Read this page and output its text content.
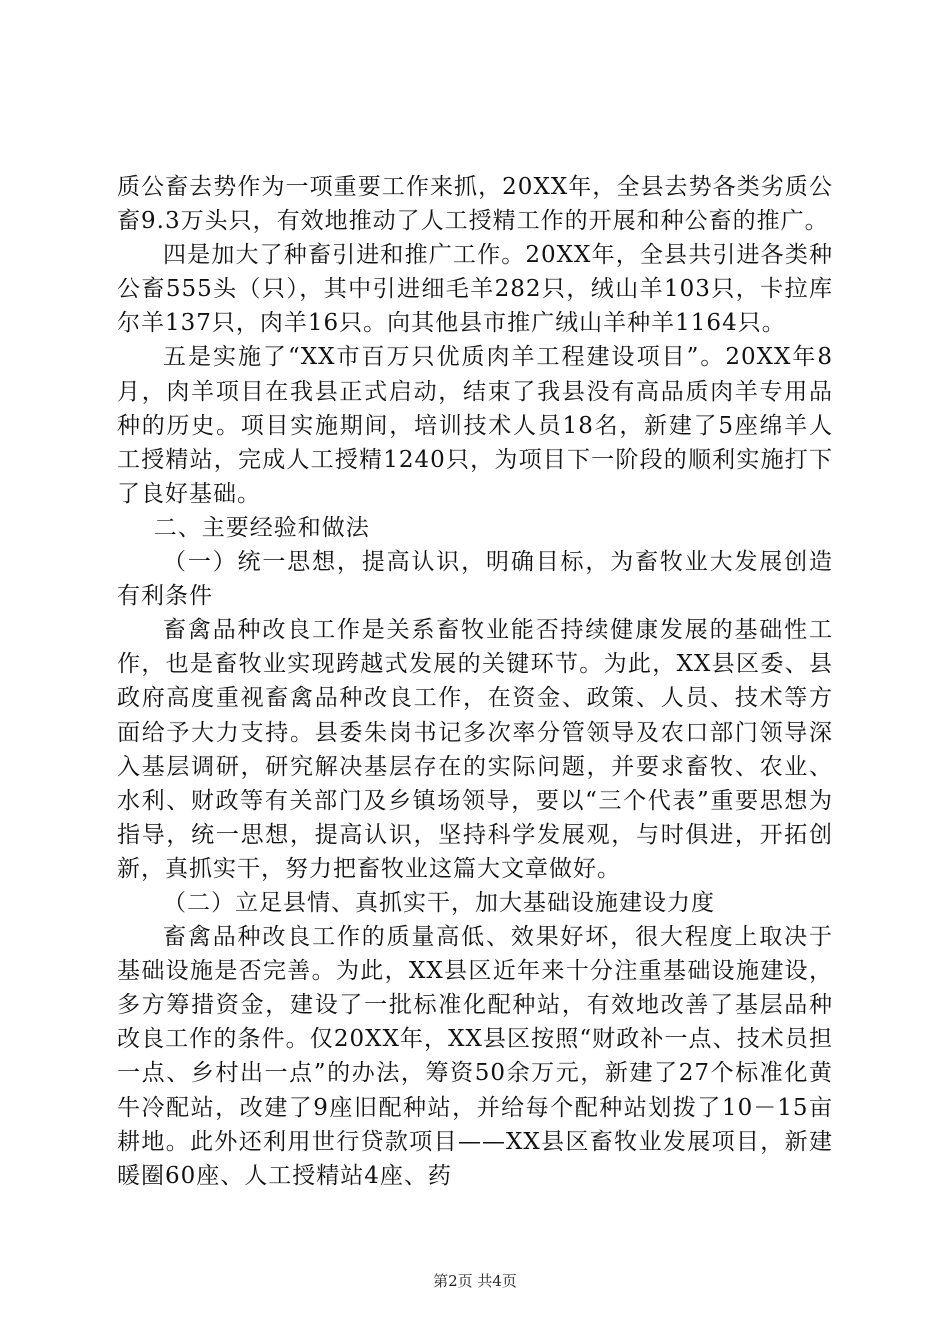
质公畜去势作为一项重要工作来抓，20XX年，全县去势各类劣质公畜9.3万头只，有效地推动了人工授精工作的开展和种公畜的推广。

四是加大了种畜引进和推广工作。20XX年，全县共引进各类种公畜555头（只），其中引进细毛羊282只，绒山羊103只，卡拉库尔羊137只，肉羊16只。向其他县市推广绒山羊种羊1164只。

五是实施了“XX市百万只优质肉羊工程建设项目”。20XX年8月，肉羊项目在我县正式启动，结束了我县没有高品质肉羊专用品种的历史。项目实施期间，培训技术人员18名，新建了5座绵羊人工授精站，完成人工授精1240只，为项目下一阶段的顺利实施打下了良好基础。

二、主要经验和做法

（一）统一思想，提高认识，明确目标，为畜牧业大发展创造有利条件

畜禽品种改良工作是关系畜牧业能否持续健康发展的基础性工作，也是畜牧业实现跨越式发展的关键环节。为此，XX县区委、县政府高度重视畜禽品种改良工作，在资金、政策、人员、技术等方面给予大力支持。县委朱岗书记多次率分管领导及农口部门领导深入基层调研，研究解决基层存在的实际问题，并要求畜牧、农业、水利、财政等有关部门及乡镇场领导，要以“三个代表”重要思想为指导，统一思想，提高认识，坚持科学发展观，与时俱进，开拓创新，真抓实干，努力把畜牧业这篇大文章做好。

（二）立足县情、真抓实干，加大基础设施建设力度

畜禽品种改良工作的质量高低、效果好坏，很大程度上取决于基础设施是否完善。为此，XX县区近年来十分注重基础设施建设，多方筹措资金，建设了一批标准化配种站，有效地改善了基层品种改良工作的条件。仅20XX年，XX县区按照“财政补一点、技术员担一点、乡村出一点”的办法，筹资50余万元，新建了27个标准化黄牛冷配站，改建了9座旧配种站，并给每个配种站划拨了10－15亩耕地。此外还利用世行贷款项目——XX县区畜牧业发展项目，新建暖圈60座、人工授精站4座、药

第2页 共4页
